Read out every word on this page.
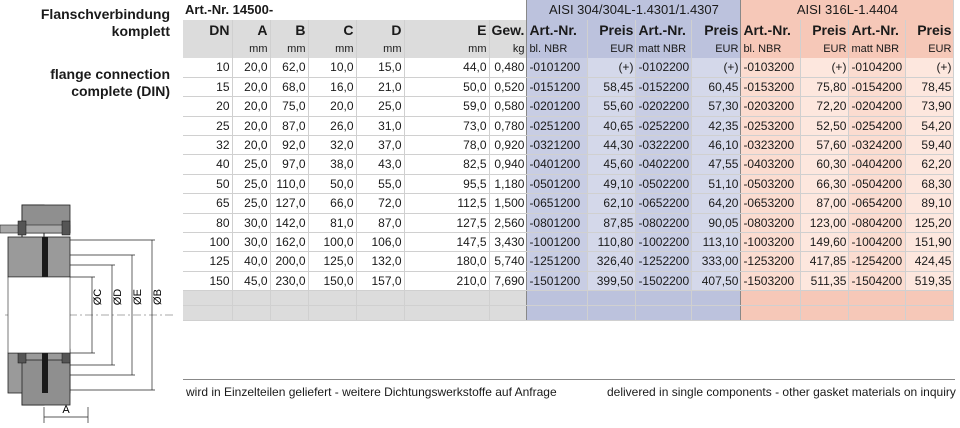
Flanschverbindung
komplett
flange connection
complete (DIN)
ØC ØD ØE ØB
A
Art.-Nr. 14500-							AISI 304/304L-1.4301/1.4307				AISI 316L-1.4404			
DN	A	B	C	D	E	Gew.	Art.-Nr.	Preis	Art.-Nr.	Preis	Art.-Nr.	Preis	Art.-Nr.	Preis
	mm	mm	mm	mm	mm	kg	bl. NBR	EUR	matt NBR	EUR	bl. NBR	EUR	matt NBR	EUR
10	20,0	62,0	10,0	15,0	44,0	0,480	-0101200	(+)	-0102200	(+)	-0103200	(+)	-0104200	(+)
15	20,0	68,0	16,0	21,0	50,0	0,520	-0151200	58,45	-0152200	60,45	-0153200	75,80	-0154200	78,45
20	20,0	75,0	20,0	25,0	59,0	0,580	-0201200	55,60	-0202200	57,30	-0203200	72,20	-0204200	73,90
25	20,0	87,0	26,0	31,0	73,0	0,780	-0251200	40,65	-0252200	42,35	-0253200	52,50	-0254200	54,20
32	20,0	92,0	32,0	37,0	78,0	0,920	-0321200	44,30	-0322200	46,10	-0323200	57,60	-0324200	59,40
40	25,0	97,0	38,0	43,0	82,5	0,940	-0401200	45,60	-0402200	47,55	-0403200	60,30	-0404200	62,20
50	25,0	110,0	50,0	55,0	95,5	1,180	-0501200	49,10	-0502200	51,10	-0503200	66,30	-0504200	68,30
65	25,0	127,0	66,0	72,0	112,5	1,500	-0651200	62,10	-0652200	64,20	-0653200	87,00	-0654200	89,10
80	30,0	142,0	81,0	87,0	127,5	2,560	-0801200	87,85	-0802200	90,05	-0803200	123,00	-0804200	125,20
100	30,0	162,0	100,0	106,0	147,5	3,430	-1001200	110,80	-1002200	113,10	-1003200	149,60	-1004200	151,90
125	40,0	200,0	125,0	132,0	180,0	5,740	-1251200	326,40	-1252200	333,00	-1253200	417,85	-1254200	424,45
150	45,0	230,0	150,0	157,0	210,0	7,690	-1501200	399,50	-1502200	407,50	-1503200	511,35	-1504200	519,35

wird in Einzelteilen geliefert - weitere Dichtungswerkstoffe auf Anfrage	delivered in single components - other gasket materials on inquiry
